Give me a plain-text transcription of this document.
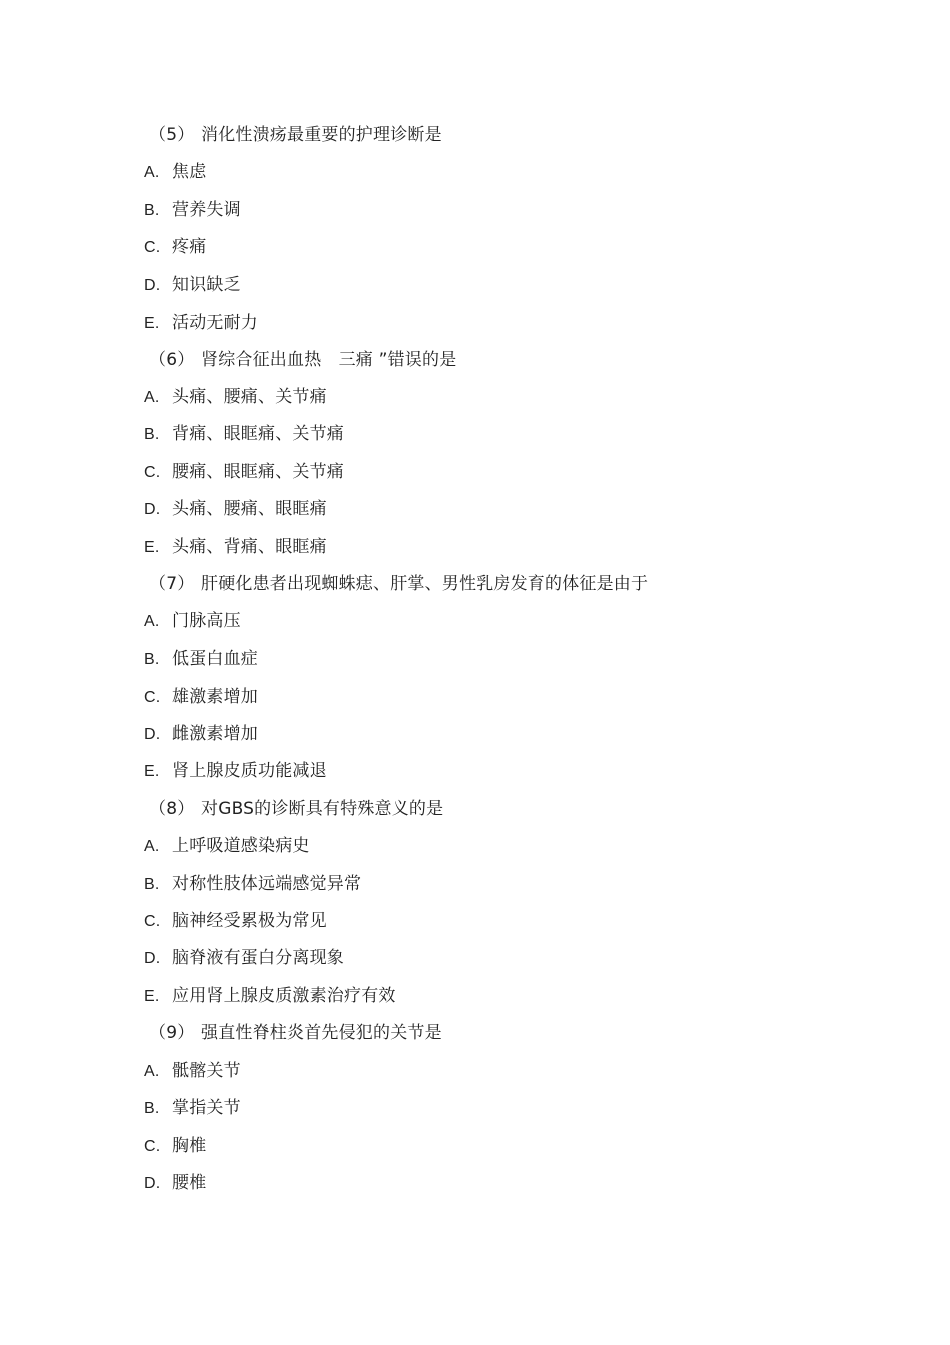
（5） 消化性溃疡最重要的护理诊断是
A. 焦虑
B. 营养失调
C. 疼痛
D. 知识缺乏
E. 活动无耐力
（6） 肾综合征出血热　三痛 ”错误的是
A. 头痛、腰痛、关节痛
B. 背痛、眼眶痛、关节痛
C. 腰痛、眼眶痛、关节痛
D. 头痛、腰痛、眼眶痛
E. 头痛、背痛、眼眶痛
（7） 肝硬化患者出现蜘蛛痣、肝掌、男性乳房发育的体征是由于
A. 门脉高压
B. 低蛋白血症
C. 雄激素增加
D. 雌激素增加
E. 肾上腺皮质功能减退
（8） 对GBS的诊断具有特殊意义的是
A. 上呼吸道感染病史
B. 对称性肢体远端感觉异常
C. 脑神经受累极为常见
D. 脑脊液有蛋白分离现象
E. 应用肾上腺皮质激素治疗有效
（9） 强直性脊柱炎首先侵犯的关节是
A. 骶髂关节
B. 掌指关节
C. 胸椎
D. 腰椎
